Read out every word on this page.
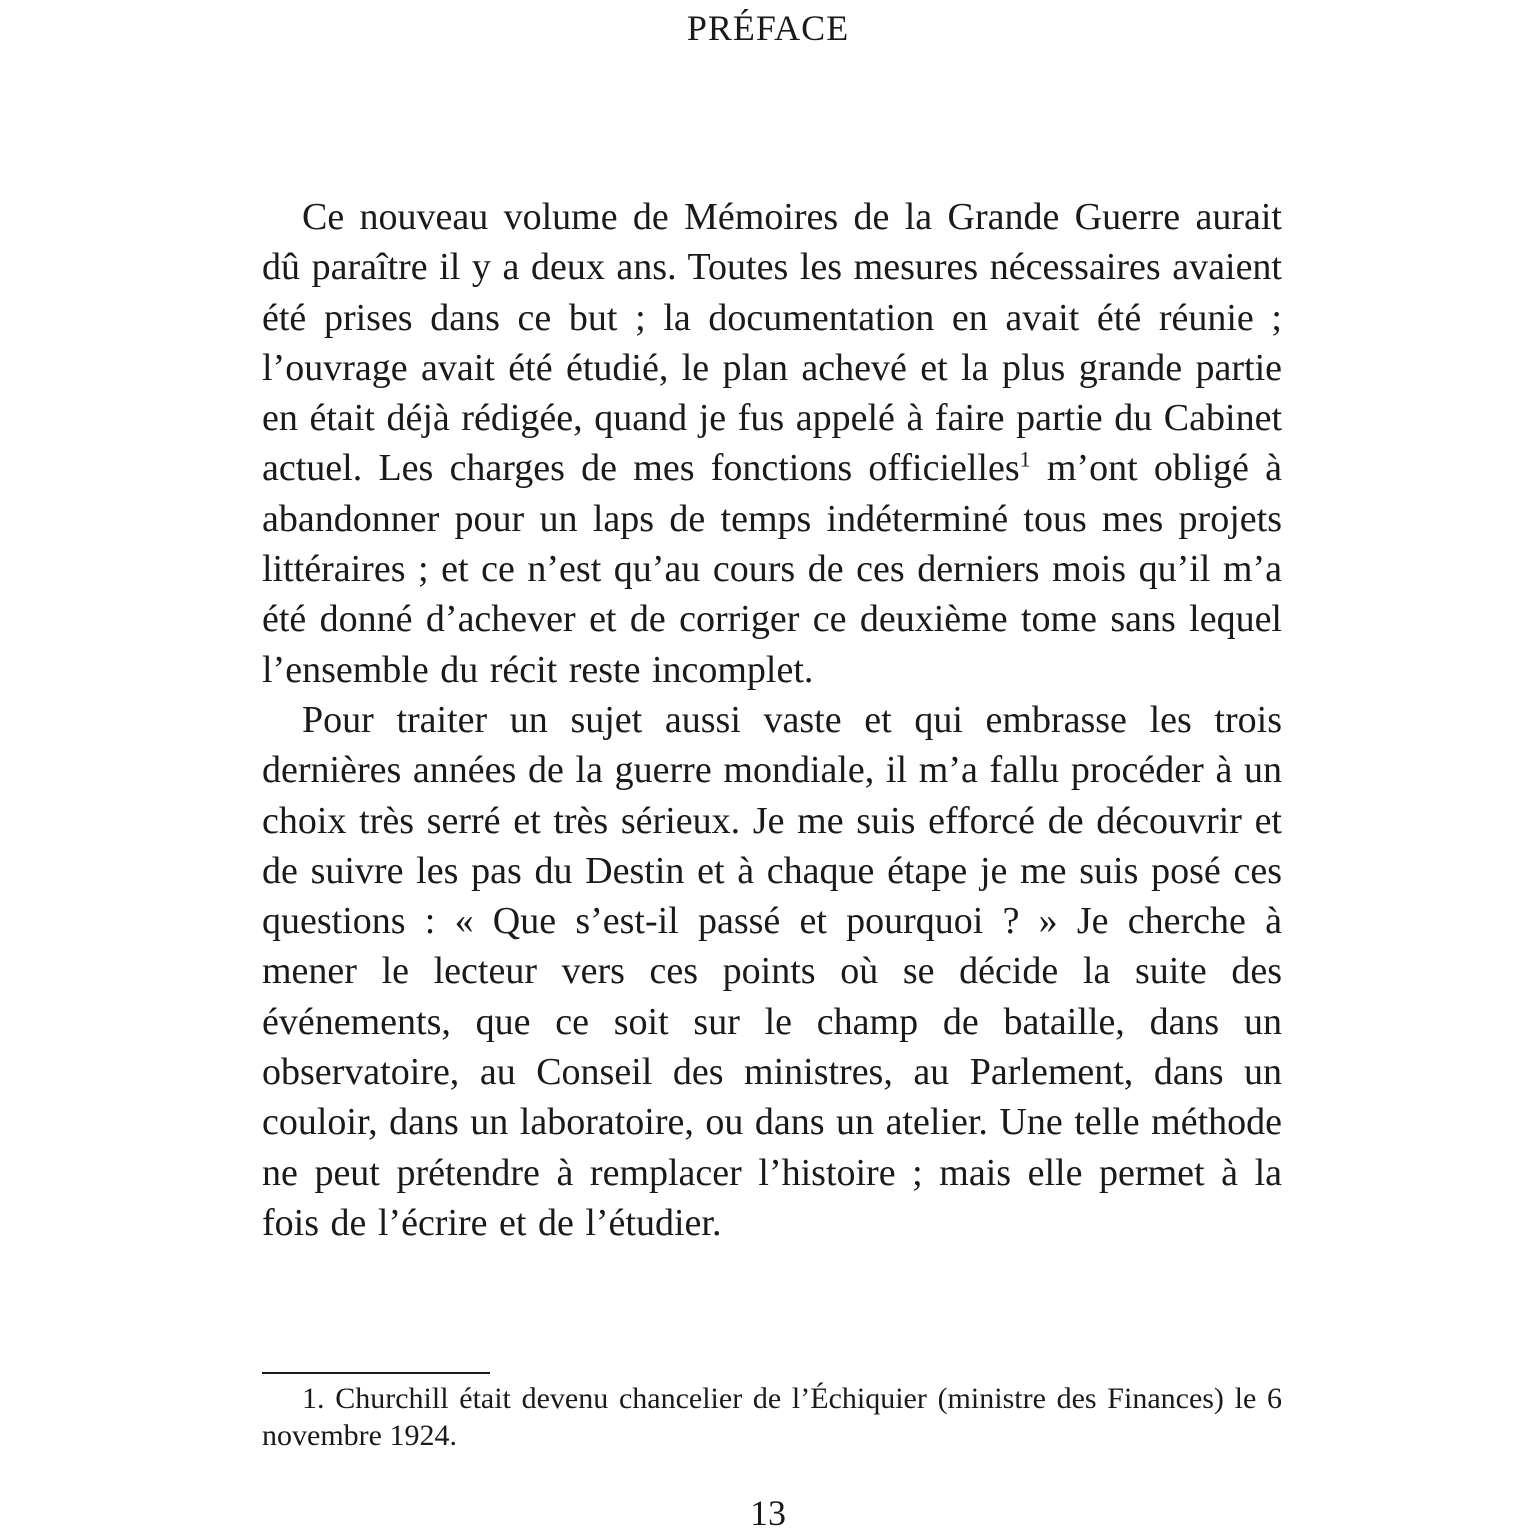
PRÉFACE

Ce nouveau volume de Mémoires de la Grande Guerre aurait dû paraître il y a deux ans. Toutes les mesures nécessaires avaient été prises dans ce but ; la documentation en avait été réunie ; l’ouvrage avait été étudié, le plan achevé et la plus grande partie en était déjà rédigée, quand je fus appelé à faire partie du Cabinet actuel. Les charges de mes fonctions officielles$^1$ m’ont obligé à abandonner pour un laps de temps indéterminé tous mes projets littéraires ; et ce n’est qu’au cours de ces derniers mois qu’il m’a été donné d’achever et de corriger ce deuxième tome sans lequel l’ensemble du récit reste incomplet.

Pour traiter un sujet aussi vaste et qui embrasse les trois dernières années de la guerre mondiale, il m’a fallu procéder à un choix très serré et très sérieux. Je me suis efforcé de découvrir et de suivre les pas du Destin et à chaque étape je me suis posé ces questions : « Que s’est-il passé et pourquoi ? » Je cherche à mener le lecteur vers ces points où se décide la suite des événements, que ce soit sur le champ de bataille, dans un observatoire, au Conseil des ministres, au Parlement, dans un couloir, dans un laboratoire, ou dans un atelier. Une telle méthode ne peut prétendre à remplacer l’histoire ; mais elle permet à la fois de l’écrire et de l’étudier.

1. Churchill était devenu chancelier de l’Échiquier (ministre des Finances) le 6 novembre 1924.

13
